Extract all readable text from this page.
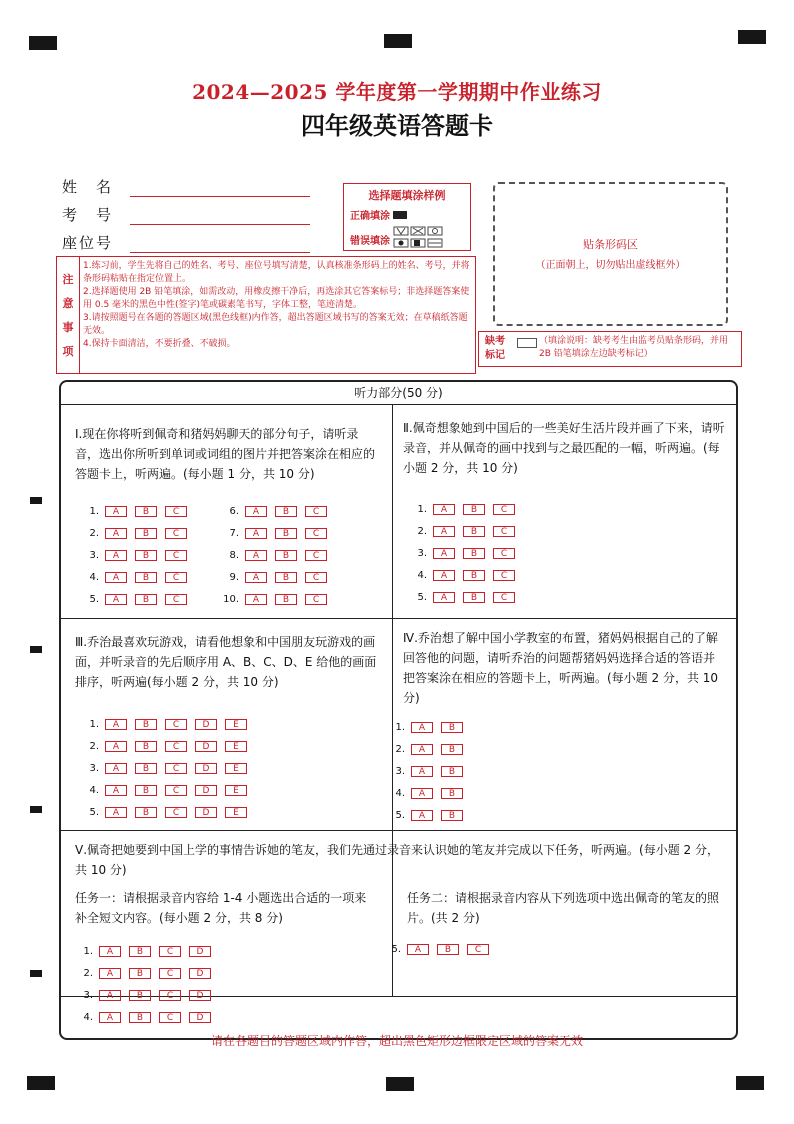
2024—2025 学年度第一学期期中作业练习
四年级英语答题卡
姓　名
考　号
座位号
选择题填涂样例
正确填涂
错误填涂	贴条形码区
（正面朝上，切勿贴出虚线框外）
注
意
事
项
1.练习前，学生先将自己的姓名、考号、座位号填写清楚，认真核准条形码上的姓名、考号，并将条形码粘贴在指定位置上。
2.选择题使用 2B 铅笔填涂，如需改动，用橡皮擦干净后，再选涂其它答案标号；非选择题答案使用 0.5 毫米的黑色中性(签字)笔或碳素笔书写，字体工整，笔迹清楚。
3.请按照题号在各题的答题区域(黑色线框)内作答，超出答题区域书写的答案无效；在草稿纸答题无效。
4.保持卡面清洁，不要折叠、不破损。	缺考标记
（填涂说明：缺考考生由监考员贴条形码，并用 2B 铅笔填涂左边缺考标记）
听力部分(50 分)
Ⅰ.现在你将听到佩奇和猪妈妈聊天的部分句子，请听录音，选出你所听到单词或词组的图片并把答案涂在相应的答题卡上，听两遍。(每小题 1 分，共 10 分)
1.	A	B	C
2.	A	B	C
3.	A	B	C
4.	A	B	C
5.	A	B	C
6.	A	B	C
7.	A	B	C
8.	A	B	C
9.	A	B	C
10.	A	B	C
Ⅱ.佩奇想象她到中国后的一些美好生活片段并画了下来，请听录音，并从佩奇的画中找到与之最匹配的一幅，听两遍。(每小题 2 分，共 10 分)
1.	A	B	C
2.	A	B	C
3.	A	B	C
4.	A	B	C
5.	A	B	C
Ⅲ.乔治最喜欢玩游戏，请看他想象和中国朋友玩游戏的画面，并听录音的先后顺序用 A、B、C、D、E 给他的画面排序，听两遍(每小题 2 分，共 10 分)
1.	A	B	C	D	E
2.	A	B	C	D	E
3.	A	B	C	D	E
4.	A	B	C	D	E
5.	A	B	C	D	E
Ⅳ.乔治想了解中国小学教室的布置，猪妈妈根据自己的了解回答他的问题，请听乔治的问题帮猪妈妈选择合适的答语并把答案涂在相应的答题卡上，听两遍。(每小题 2 分，共 10 分)
1.	A	B
2.	A	B
3.	A	B
4.	A	B
5.	A	B
Ⅴ.佩奇把她要到中国上学的事情告诉她的笔友，我们先通过录音来认识她的笔友并完成以下任务，听两遍。(每小题 2 分，共 10 分)
任务一：请根据录音内容给 1-4 小题选出合适的一项来补全短文内容。(每小题 2 分，共 8 分)
1.	A	B	C	D
2.	A	B	C	D
3.	A	B	C	D
4.	A	B	C	D
任务二：请根据录音内容从下列选项中选出佩奇的笔友的照片。(共 2 分)
5.	A	B	C
请在各题目的答题区域内作答，超出黑色矩形边框限定区域的答案无效
